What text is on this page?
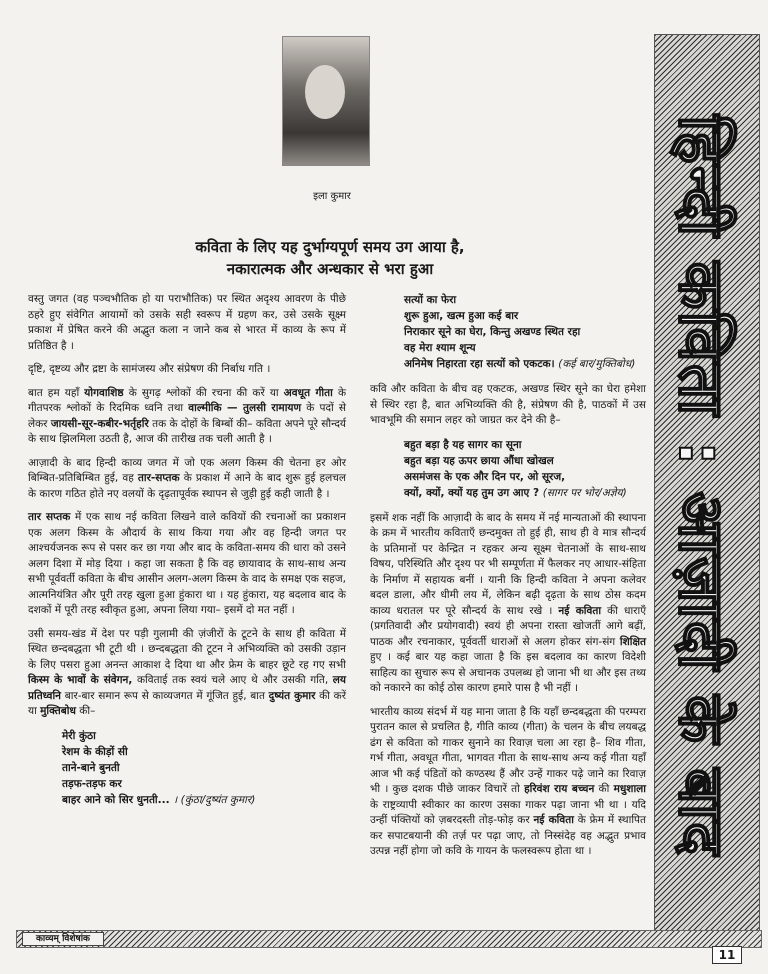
इला कुमार
कविता के लिए यह दुर्भाग्यपूर्ण समय उग आया है,
नकारात्मक और अन्धकार से भरा हुआ

वस्तु जगत (वह पञ्चभौतिक हो या पराभौतिक) पर स्थित अदृश्य आवरण के पीछे ठहरे हुए संवेगित आयामों को उसके सही स्वरूप में ग्रहण कर, उसे उसके सूक्ष्म प्रकाश में प्रेषित करने की अद्भुत कला न जाने कब से भारत में काव्य के रूप में प्रतिष्ठित है ।

दृष्टि, दृष्टव्य और द्रष्टा के सामंजस्य और संप्रेषण की निर्बाध गति ।

बात हम यहाँ योगवाशिष्ठ के सुगढ़ श्लोकों की रचना की करें या अवधूत गीता के गीतपरक श्लोकों के रिदमिक ध्वनि तथा वाल्मीकि — तुलसी रामायण के पदों से लेकर जायसी-सूर-कबीर-भर्तृहरि तक के दोहों के बिम्बों की– कविता अपने पूरे सौन्दर्य के साथ झिलमिला उठती है, आज की तारीख तक चली आती है ।

आज़ादी के बाद हिन्दी काव्य जगत में जो एक अलग किस्म की चेतना हर ओर बिम्बित-प्रतिबिम्बित हुई, वह तार-सप्तक के प्रकाश में आने के बाद शुरू हुई हलचल के कारण गठित होते नए वलयों के दृढ़तापूर्वक स्थापन से जुड़ी हुई कही जाती है ।

तार सप्तक में एक साथ नई कविता लिखने वाले कवियों की रचनाओं का प्रकाशन एक अलग किस्म के औदार्य के साथ किया गया और वह हिन्दी जगत पर आश्चर्यजनक रूप से पसर कर छा गया और बाद के कविता-समय की धारा को उसने अलग दिशा में मोड़ दिया । कहा जा सकता है कि वह छायावाद के साथ-साथ अन्य सभी पूर्ववर्ती कविता के बीच आसीन अलग-अलग किस्म के वाद के समक्ष एक सहज, आत्मनियंत्रित और पूरी तरह खुला हुआ हुंकारा था । यह हुंकारा, यह बदलाव बाद के दशकों में पूरी तरह स्वीकृत हुआ, अपना लिया गया– इसमें दो मत नहीं ।

उसी समय-खंड में देश पर पड़ी गुलामी की ज़ंजीरों के टूटने के साथ ही कविता में स्थित छन्दबद्धता भी टूटी थी । छन्दबद्धता की टूटन ने अभिव्यक्ति को उसकी उड़ान के लिए पसरा हुआ अनन्त आकाश दे दिया था और फ्रेम के बाहर छूटे रह गए सभी किस्म के भावों के संवेगन, कविताई तक स्वयं चले आए थे और उसकी गति, लय प्रतिध्वनि बार-बार समान रूप से काव्यजगत में गूंजित हुई, बात दुष्यंत कुमार की करें या मुक्तिबोध की–

मेरी कुंठा
रेशम के कीड़ों सी
ताने-बाने बुनती
तड़फ-तड़फ कर
बाहर आने को सिर धुनती... । (कुंठा/दुष्यंत कुमार)
सत्यों का फेरा
शुरू हुआ, खत्म हुआ कई बार
निराकार सूने का घेरा, किन्तु अखण्ड स्थित रहा
वह मेरा श्याम शून्य
अनिमेष निहारता रहा सत्यों को एकटक। (कई बार/मुक्तिबोध)

कवि और कविता के बीच वह एकटक, अखण्ड स्थिर सूने का घेरा हमेशा से स्थिर रहा है, बात अभिव्यक्ति की है, संप्रेषण की है, पाठकों में उस भावभूमि की समान लहर को जाग्रत कर देने की है–

बहुत बड़ा है यह सागर का सूना
बहुत बड़ा यह ऊपर छाया औंधा खोखल
असमंजस के एक और दिन पर, ओ सूरज,
क्यों, क्यों, क्यों यह तुम उग आए ? (सागर पर भोर/अज्ञेय)

इसमें शक नहीं कि आज़ादी के बाद के समय में नई मान्यताओं की स्थापना के क्रम में भारतीय कविताएँ छन्दमुक्त तो हुई ही, साथ ही वे मात्र सौन्दर्य के प्रतिमानों पर केन्द्रित न रहकर अन्य सूक्ष्म चेतनाओं के साथ-साथ विषय, परिस्थिति और दृश्य पर भी सम्पूर्णता में फैलकर नए आधार-संहिता के निर्माण में सहायक बनीं । यानी कि हिन्दी कविता ने अपना कलेवर बदल डाला, और धीमी लय में, लेकिन बढ़ी दृढ़ता के साथ ठोस कदम काव्य धरातल पर पूरे सौन्दर्य के साथ रखे । नई कविता की धाराएँ (प्रगतिवादी और प्रयोगवादी) स्वयं ही अपना रास्ता खोजतीं आगे बढ़ीं, पाठक और रचनाकार, पूर्ववर्ती धाराओं से अलग होकर संग-संग शिक्षित हुए । कई बार यह कहा जाता है कि इस बदलाव का कारण विदेशी साहित्य का सुचारु रूप से अचानक उपलब्ध हो जाना भी था और इस तथ्य को नकारने का कोई ठोस कारण हमारे पास है भी नहीं ।

भारतीय काव्य संदर्भ में यह माना जाता है कि यहाँ छन्दबद्धता की परम्परा पुरातन काल से प्रचलित है, गीति काव्य (गीता) के चलन के बीच लयबद्ध ढंग से कविता को गाकर सुनाने का रिवाज़ चला आ रहा है– शिव गीता, गर्भ गीता, अवधूत गीता, भागवत गीता के साथ-साथ अन्य कई गीता यहाँ आज भी कई पंडितों को कण्ठस्थ हैं और उन्हें गाकर पढ़े जाने का रिवाज़ भी । कुछ दशक पीछे जाकर विचारें तो हरिवंश राय बच्चन की मधुशाला के राष्ट्रव्यापी स्वीकार का कारण उसका गाकर पढ़ा जाना भी था । यदि उन्हीं पंक्तियों को ज़बरदस्ती तोड़-फोड़ कर नई कविता के फ्रेम में स्थापित कर सपाटबयानी की तर्ज़ पर पढ़ा जाए, तो निस्संदेह वह अद्भुत प्रभाव उत्पन्न नहीं होगा जो कवि के गायन के फलस्वरूप होता था ।	हिन्दी कविता : आज़ादी के बाद
काव्यम् विशेषांक
11
